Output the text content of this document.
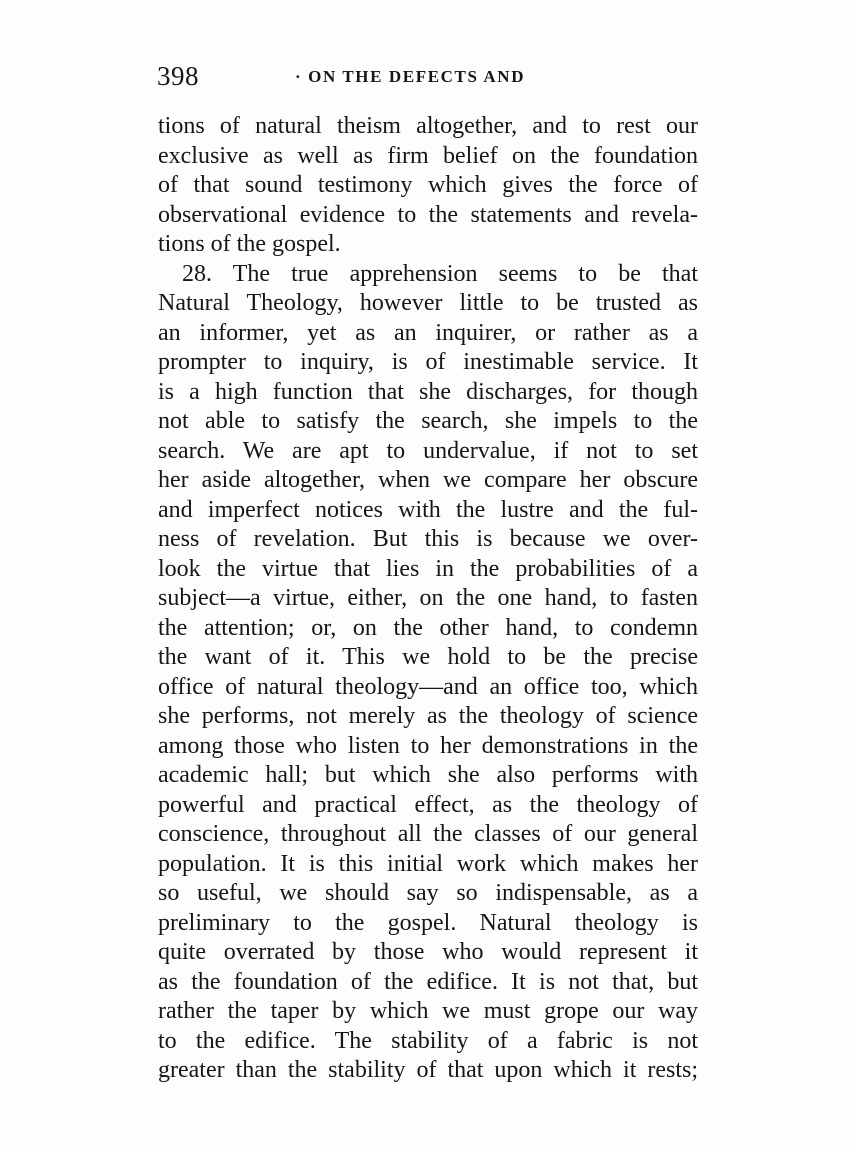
398	· ON THE DEFECTS AND
tions of natural theism altogether, and to rest our
exclusive as well as firm belief on the foundation
of that sound testimony which gives the force of
observational evidence to the statements and revela-
tions of the gospel.
28. The true apprehension seems to be that
Natural Theology, however little to be trusted as
an informer, yet as an inquirer, or rather as a
prompter to inquiry, is of inestimable service. It
is a high function that she discharges, for though
not able to satisfy the search, she impels to the
search. We are apt to undervalue, if not to set
her aside altogether, when we compare her obscure
and imperfect notices with the lustre and the ful-
ness of revelation. But this is because we over-
look the virtue that lies in the probabilities of a
subject—a virtue, either, on the one hand, to fasten
the attention; or, on the other hand, to condemn
the want of it. This we hold to be the precise
office of natural theology—and an office too, which
she performs, not merely as the theology of science
among those who listen to her demonstrations in the
academic hall; but which she also performs with
powerful and practical effect, as the theology of
conscience, throughout all the classes of our general
population. It is this initial work which makes her
so useful, we should say so indispensable, as a
preliminary to the gospel. Natural theology is
quite overrated by those who would represent it
as the foundation of the edifice. It is not that, but
rather the taper by which we must grope our way
to the edifice. The stability of a fabric is not
greater than the stability of that upon which it rests;
